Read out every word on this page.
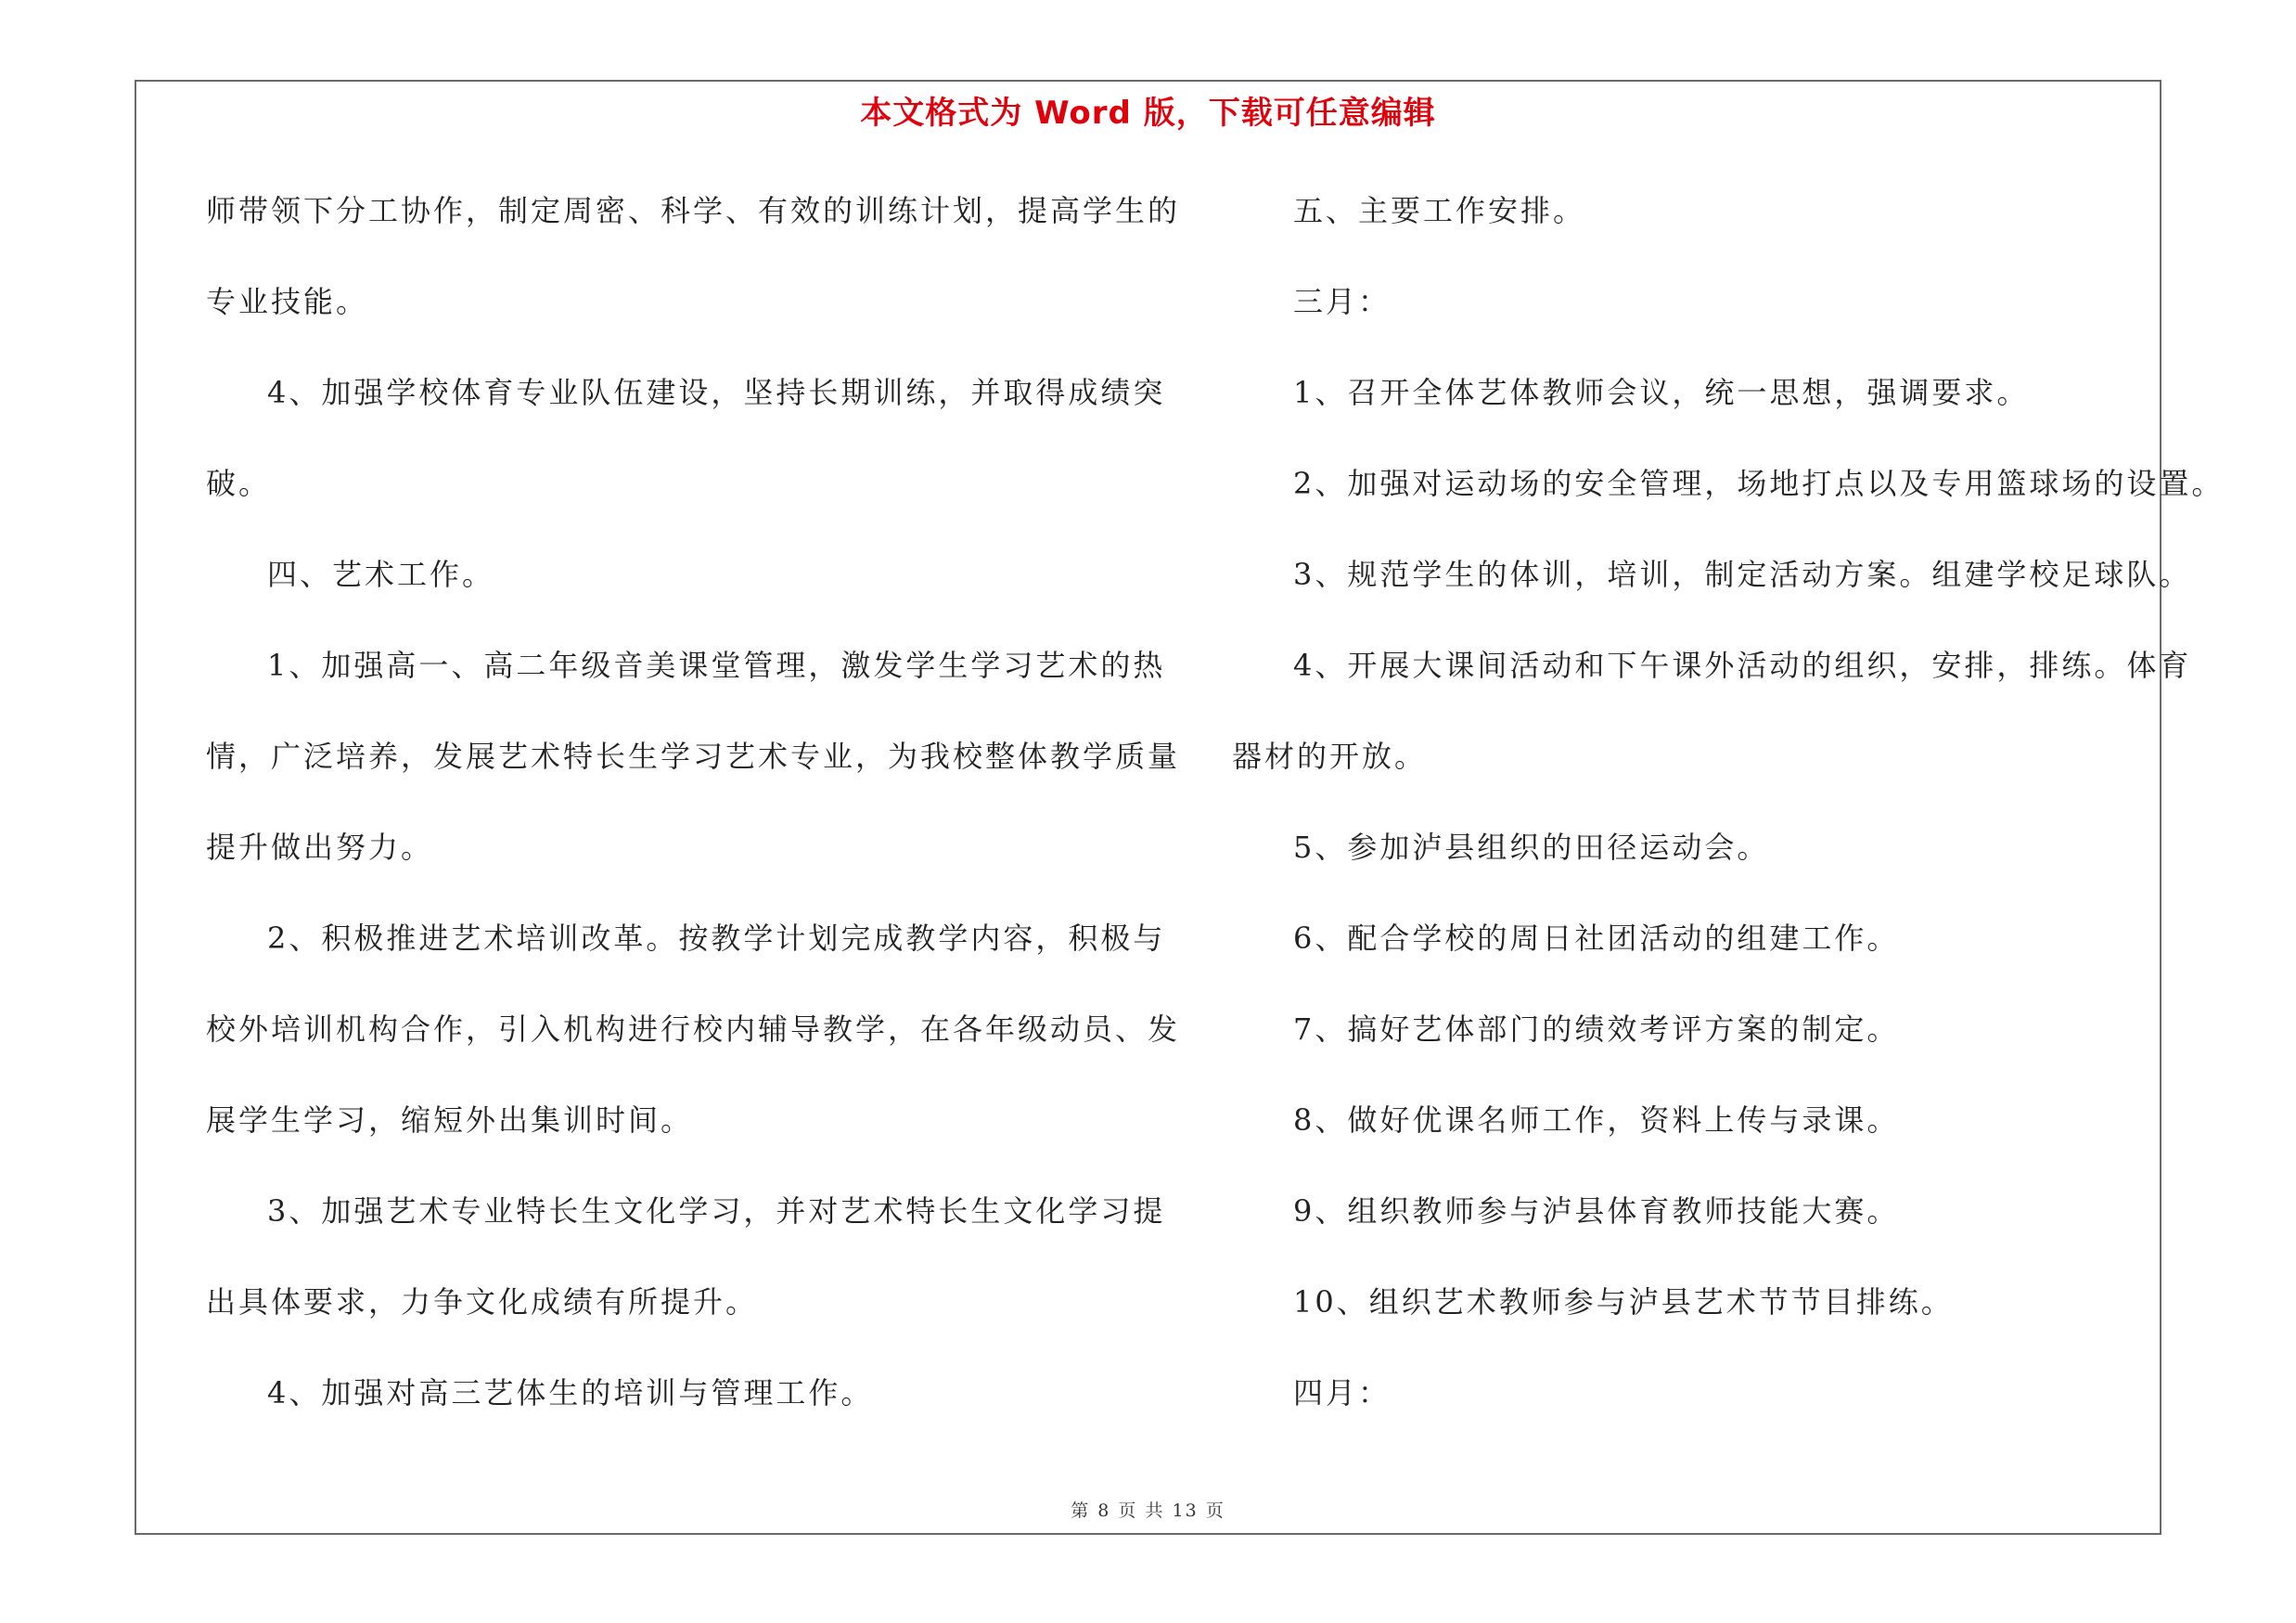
本文格式为 Word 版，下载可任意编辑
师带领下分工协作，制定周密、科学、有效的训练计划，提高学生的
专业技能。
4、加强学校体育专业队伍建设，坚持长期训练，并取得成绩突
破。
四、艺术工作。
1、加强高一、高二年级音美课堂管理，激发学生学习艺术的热
情，广泛培养，发展艺术特长生学习艺术专业，为我校整体教学质量
提升做出努力。
2、积极推进艺术培训改革。按教学计划完成教学内容，积极与
校外培训机构合作，引入机构进行校内辅导教学，在各年级动员、发
展学生学习，缩短外出集训时间。
3、加强艺术专业特长生文化学习，并对艺术特长生文化学习提
出具体要求，力争文化成绩有所提升。
4、加强对高三艺体生的培训与管理工作。
五、主要工作安排。
三月：
1、召开全体艺体教师会议，统一思想，强调要求。
2、加强对运动场的安全管理，场地打点以及专用篮球场的设置。
3、规范学生的体训，培训，制定活动方案。组建学校足球队。
4、开展大课间活动和下午课外活动的组织，安排，排练。体育
器材的开放。
5、参加泸县组织的田径运动会。
6、配合学校的周日社团活动的组建工作。
7、搞好艺体部门的绩效考评方案的制定。
8、做好优课名师工作，资料上传与录课。
9、组织教师参与泸县体育教师技能大赛。
10、组织艺术教师参与泸县艺术节节目排练。
四月：
第 8 页 共 13 页
